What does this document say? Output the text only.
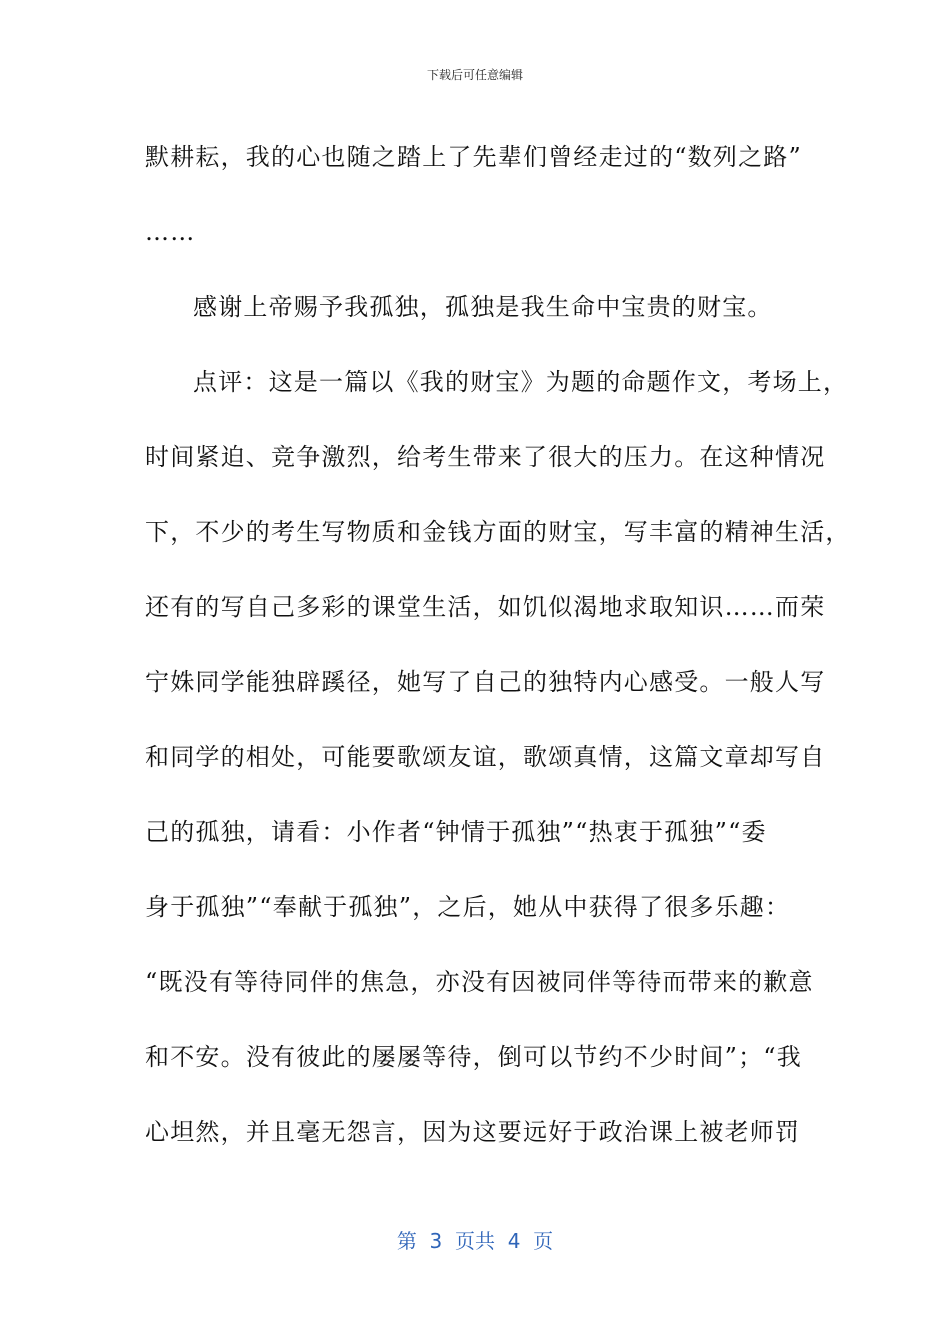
下载后可任意编辑
默耕耘，我的心也随之踏上了先辈们曾经走过的“数列之路”
……
感谢上帝赐予我孤独，孤独是我生命中宝贵的财宝。
点评：这是一篇以《我的财宝》为题的命题作文，考场上，
时间紧迫、竞争激烈，给考生带来了很大的压力。在这种情况
下，不少的考生写物质和金钱方面的财宝，写丰富的精神生活，
还有的写自己多彩的课堂生活，如饥似渴地求取知识……而荣
宁姝同学能独辟蹊径，她写了自己的独特内心感受。一般人写
和同学的相处，可能要歌颂友谊，歌颂真情，这篇文章却写自
己的孤独，请看：小作者“钟情于孤独”“热衷于孤独”“委
身于孤独”“奉献于孤独”，之后，她从中获得了很多乐趣：
“既没有等待同伴的焦急，亦没有因被同伴等待而带来的歉意
和不安。没有彼此的屡屡等待，倒可以节约不少时间”；“我
心坦然，并且毫无怨言，因为这要远好于政治课上被老师罚
第  3  页共  4  页
